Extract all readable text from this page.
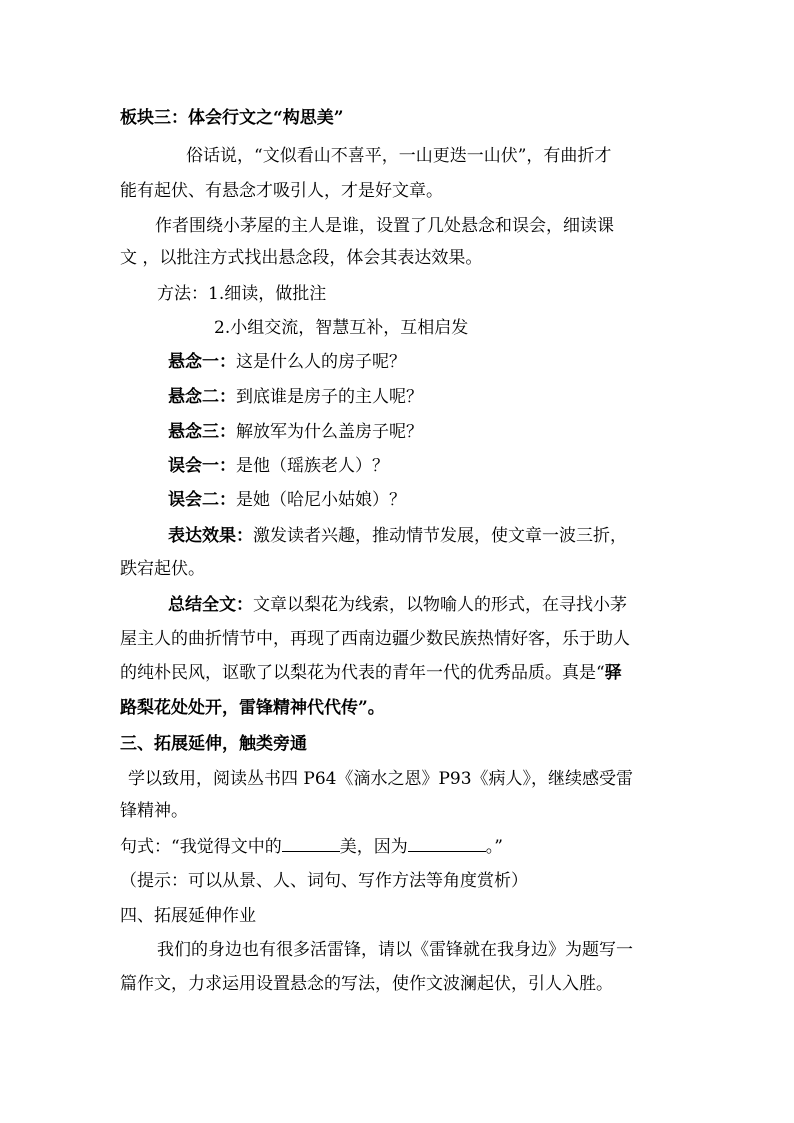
板块三：体会行文之“构思美”
俗话说，“文似看山不喜平，一山更迭一山伏”，有曲折才
能有起伏、有悬念才吸引人，才是好文章。
作者围绕小茅屋的主人是谁，设置了几处悬念和误会，细读课
文 ，以批注方式找出悬念段，体会其表达效果。
方法：1.细读，做批注
2.小组交流，智慧互补，互相启发
悬念一：这是什么人的房子呢？
悬念二：到底谁是房子的主人呢？
悬念三：解放军为什么盖房子呢？
误会一：是他（瑶族老人）？
误会二：是她（哈尼小姑娘）？
表达效果：激发读者兴趣，推动情节发展，使文章一波三折，
跌宕起伏。
总结全文：文章以梨花为线索，以物喻人的形式，在寻找小茅
屋主人的曲折情节中，再现了西南边疆少数民族热情好客，乐于助人
的纯朴民风，讴歌了以梨花为代表的青年一代的优秀品质。真是“驿
路梨花处处开，雷锋精神代代传”。
三、拓展延伸，触类旁通
学以致用，阅读丛书四 P64《滴水之恩》P93《病人》，继续感受雷
锋精神。
句式：“我觉得文中的	美，因为	。”
（提示：可以从景、人、词句、写作方法等角度赏析）
四、拓展延伸作业
我们的身边也有很多活雷锋，请以《雷锋就在我身边》为题写一
篇作文，力求运用设置悬念的写法，使作文波澜起伏，引人入胜。
